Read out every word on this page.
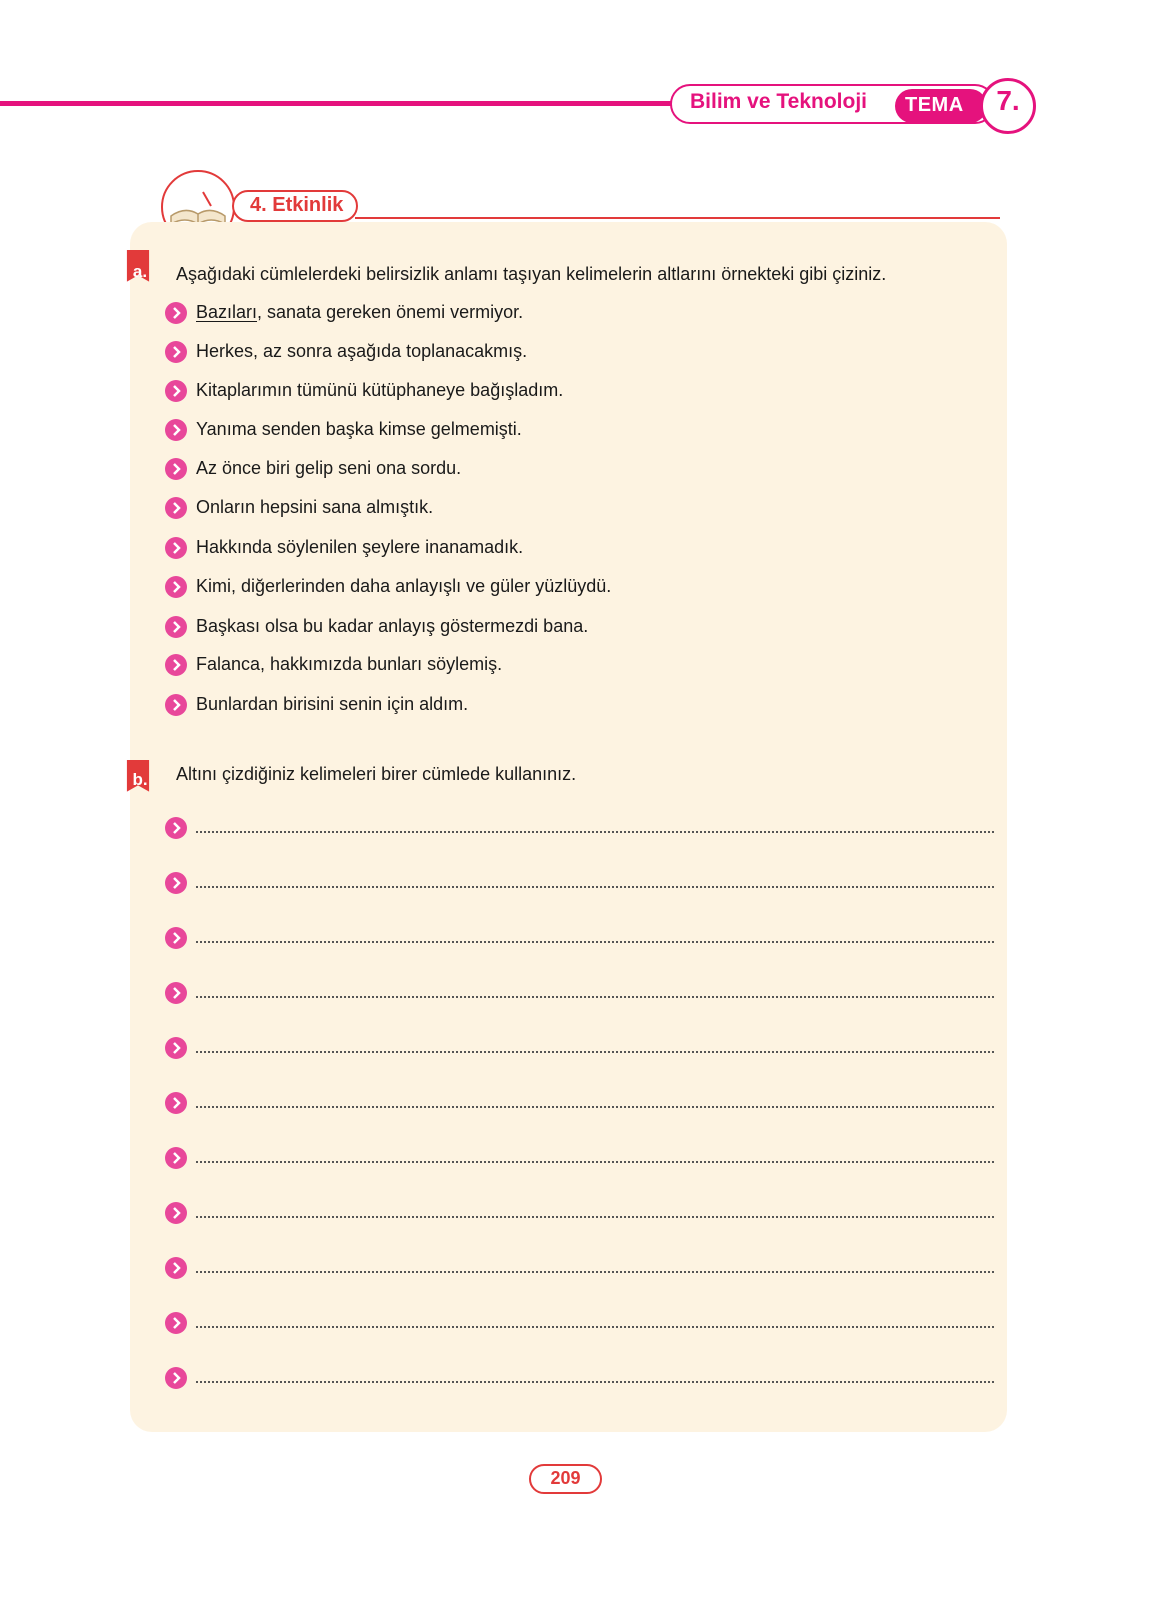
Bilim ve Teknoloji TEMA	7.
4. Etkinlik
a.	Aşağıdaki cümlelerdeki belirsizlik anlamı taşıyan kelimelerin altlarını örnekteki gibi çiziniz.
Bazıları, sanata gereken önemi vermiyor.
Herkes, az sonra aşağıda toplanacakmış.
Kitaplarımın tümünü kütüphaneye bağışladım.
Yanıma senden başka kimse gelmemişti.
Az önce biri gelip seni ona sordu.
Onların hepsini sana almıştık.
Hakkında söylenilen şeylere inanamadık.
Kimi, diğerlerinden daha anlayışlı ve güler yüzlüydü.
Başkası olsa bu kadar anlayış göstermezdi bana.
Falanca, hakkımızda bunları söylemiş.
Bunlardan birisini senin için aldım.
b.	Altını çizdiğiniz kelimeleri birer cümlede kullanınız.
209
